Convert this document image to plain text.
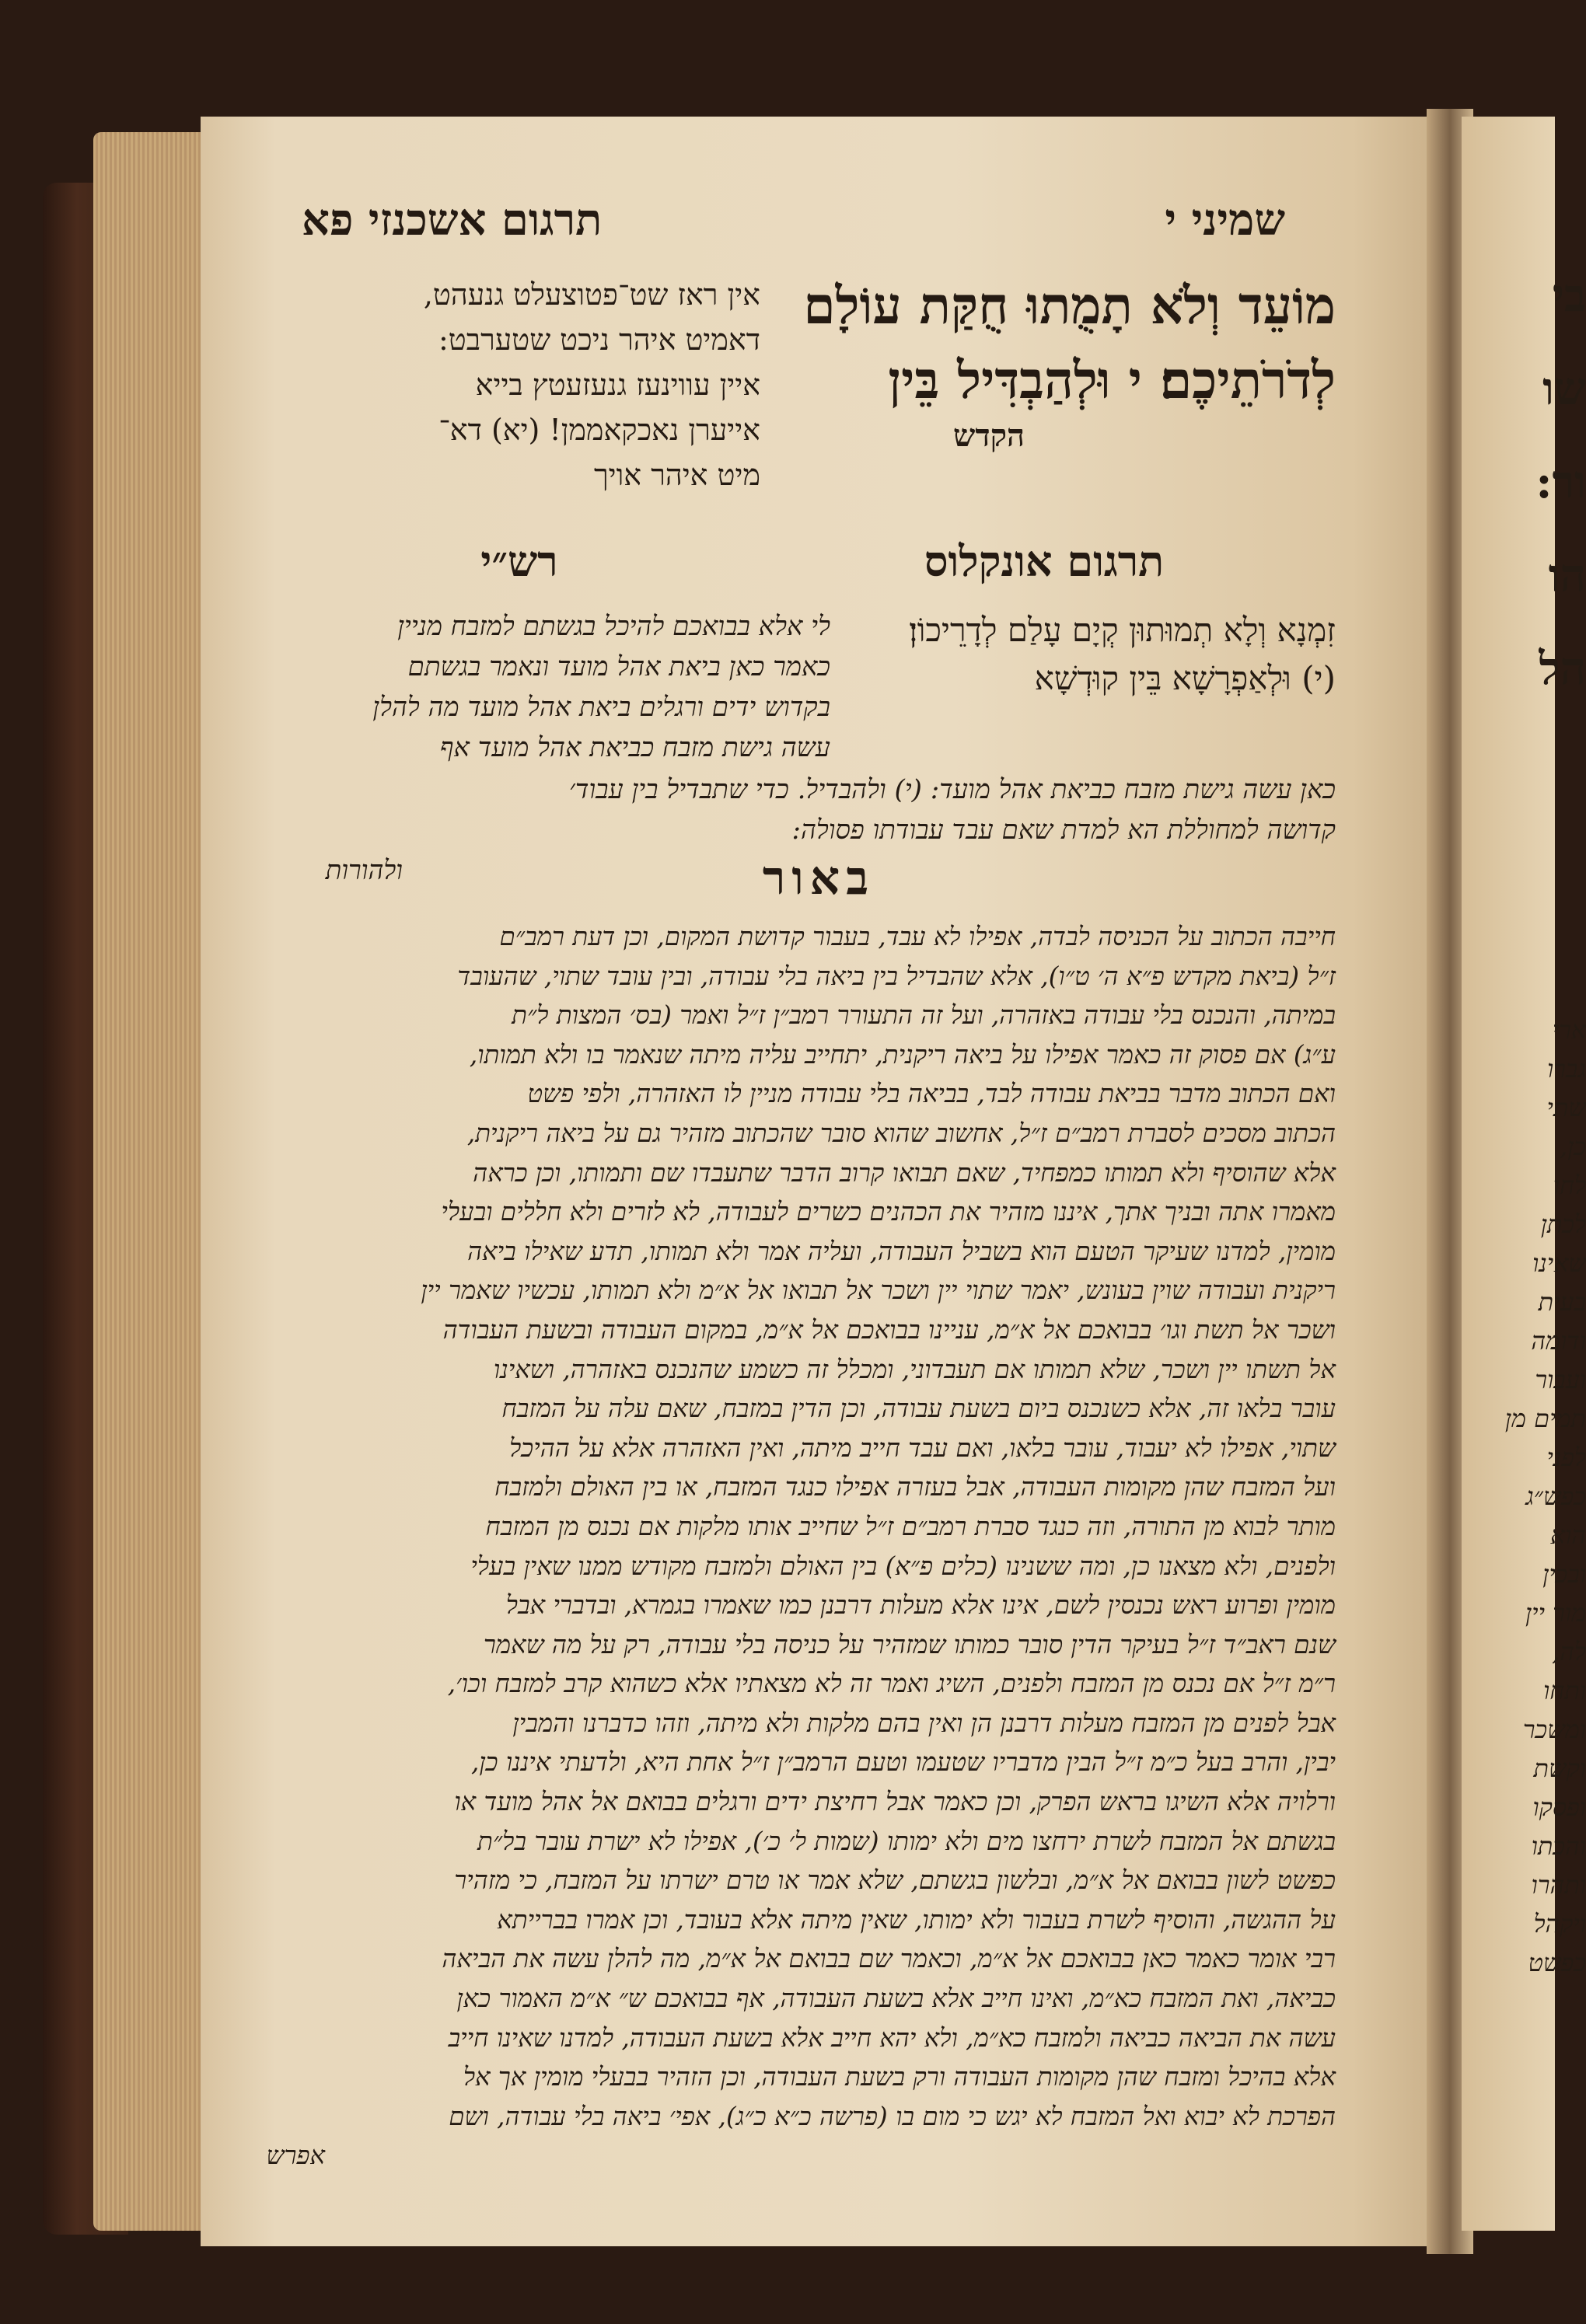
שמיני י
תרגום אשכנזי פא
מוֹעֵד וְלֹא תָמֻתוּ חֻקַּת עוֹלָם
לְדֹרֹתֵיכֶם׃ י וּלְהַבְדִּיל בֵּין
הקדש
אין ראז שט־פטוצעלט גנעהט,
דאמיט איהר ניכט שטערבט:
איין עווינעז גנעזעטץ בייא
אייערן נאכקאממן! (יא) דא־
מיט איהר אויך
תרגום אונקלוס
רש״י
זִמְנָא וְלָא תְמוּתוּן קְיָם עָלַם לְדָרֵיכוֹן׃
(י) וּלְאַפְרָשָׁא בֵּין קוּדְשָׁא
לי אלא בבואכם להיכל בגשתם למזבח מניין
כאמר כאן ביאת אהל מועד ונאמר בגשתם
בקדוש ידים ורגלים ביאת אהל מועד מה להלן
עשה גישת מזבח כביאת אהל מועד אף
כאן עשה גישת מזבח כביאת אהל מועד: (י) ולהבדיל. כדי שתבדיל בין עבוד׳
קדושה למחוללת הא למדת שאם עבד עבודתו פסולה:
ולהורות	באור
חייבה הכתוב על הכניסה לבדה, אפילו לא עבד, בעבור קדושת המקום, וכן דעת רמב״ם
ז״ל (ביאת מקדש פ״א ה׳ ט״ו), אלא שהבדיל בין ביאה בלי עבודה, ובין עובד שתוי, שהעובד
במיתה, והנכנס בלי עבודה באזהרה, ועל זה התעורר רמב״ן ז״ל ואמר (בס׳ המצות ל״ת
ע״ג) אם פסוק זה כאמר אפילו על ביאה ריקנית, יתחייב עליה מיתה שנאמר בו ולא תמותו,
ואם הכתוב מדבר בביאת עבודה לבד, בביאה בלי עבודה מניין לו האזהרה, ולפי פשט
הכתוב מסכים לסברת רמב״ם ז״ל, אחשוב שהוא סובר שהכתוב מזהיר גם על ביאה ריקנית,
אלא שהוסיף ולא תמותו כמפחיד, שאם תבואו קרוב הדבר שתעבדו שם ותמותו, וכן כראה
מאמרו אתה ובניך אתך, איננו מזהיר את הכהנים כשרים לעבודה, לא לזרים ולא חללים ובעלי
מומין, למדנו שעיקר הטעם הוא בשביל העבודה, ועליה אמר ולא תמותו, תדע שאילו ביאה
ריקנית ועבודה שוין בעונש, יאמר שתוי יין ושכר אל תבואו אל א״מ ולא תמותו, עכשיו שאמר יין
ושכר אל תשת וגו׳ בבואכם אל א״מ, עניינו בבואכם אל א״מ, במקום העבודה ובשעת העבודה
אל תשתו יין ושכר, שלא תמותו אם תעבדוני, ומכלל זה כשמע שהנכנס באזהרה, ושאינו
עובר בלאו זה, אלא כשנכנס ביום בשעת עבודה, וכן הדין במזבח, שאם עלה על המזבח
שתוי, אפילו לא יעבוד, עובר בלאו, ואם עבד חייב מיתה, ואין האזהרה אלא על ההיכל
ועל המזבח שהן מקומות העבודה, אבל בעזרה אפילו כנגד המזבח, או בין האולם ולמזבח
מותר לבוא מן התורה, וזה כנגד סברת רמב״ם ז״ל שחייב אותו מלקות אם נכנס מן המזבח
ולפנים, ולא מצאנו כן, ומה ששנינו (כלים פ״א) בין האולם ולמזבח מקודש ממנו שאין בעלי
מומין ופרוע ראש נכנסין לשם, אינו אלא מעלות דרבנן כמו שאמרו בגמרא, ובדברי אבל
שנם ראב״ד ז״ל בעיקר הדין סובר כמותו שמזהיר על כניסה בלי עבודה, רק על מה שאמר
ר״מ ז״ל אם נכנס מן המזבח ולפנים, השיג ואמר זה לא מצאתיו אלא כשהוא קרב למזבח וכו׳,
אבל לפנים מן המזבח מעלות דרבנן הן ואין בהם מלקות ולא מיתה, וזהו כדברנו והמבין
יבין, והרב בעל כ״מ ז״ל הבין מדבריו שטעמו וטעם הרמב״ן ז״ל אחת היא, ולדעתי איננו כן,
ורלויה אלא השיגו בראש הפרק, וכן כאמר אבל רחיצת ידים ורגלים בבואם אל אהל מועד או
בגשתם אל המזבח לשרת ירחצו מים ולא ימותו (שמות ל׳ כ׳), אפילו לא ישרת עובר בל״ת
כפשט לשון בבואם אל א״מ, ובלשון בגשתם, שלא אמר או טרם ישרתו על המזבח, כי מזהיר
על ההגשה, והוסיף לשרת בעבור ולא ימותו, שאין מיתה אלא בעובד, וכן אמרו בברייתא
רבי אומר כאמר כאן בבואכם אל א״מ, וכאמר שם בבואם אל א״מ, מה להלן עשה את הביאה
כביאה, ואת המזבח כא״מ, ואינו חייב אלא בשעת העבודה, אף בבואכם ש״ א״מ האמור כאן
עשה את הביאה כביאה ולמזבח כא״מ, ולא יהא חייב אלא בשעת העבודה, למדנו שאינו חייב
אלא בהיכל ומזבח שהן מקומות העבודה ורק בשעת העבודה, וכן הזהיר בבעלי מומין אך אל
הפרכת לא יבוא ואל המזבח לא יגש כי מום בו (פרשה כ״א כ״ג), אפי׳ ביאה בלי עבודה, ושם
אפרש
בי
שו
ור:
הו
הל
ארי
גברו
שתי
כן,
לחו
לכתן
שאינו
בעית
ודומה
ועבור
תמים מן
לפני
כפש״ג
הוא
ובכין
מור יין
לה,
ותחו
ומשכר
וקשת
ופסקו
והכתו
ותהרו
ויקהל
כפשט
